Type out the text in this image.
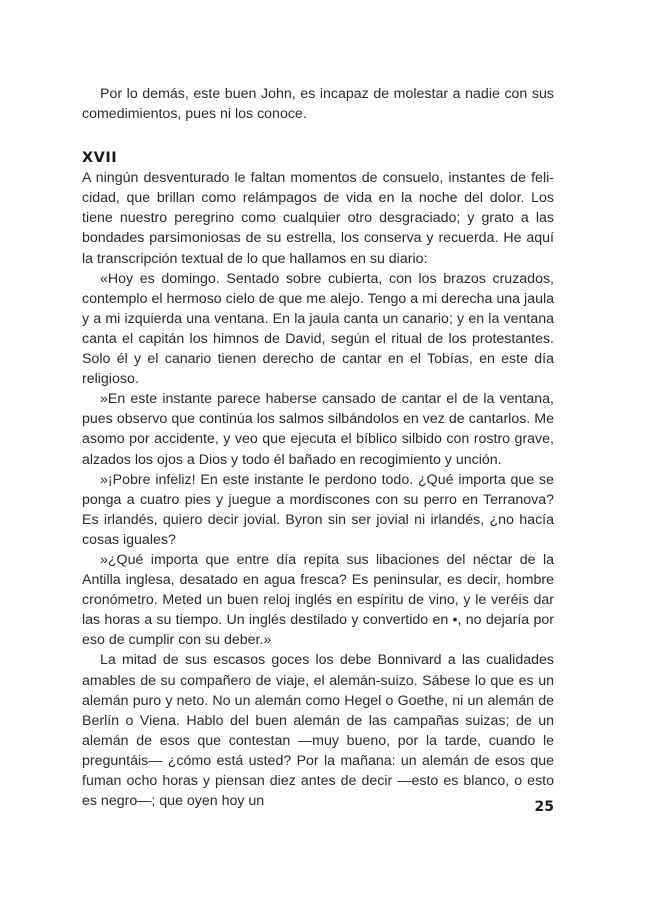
Por lo demás, este buen John, es incapaz de molestar a nadie con sus comedimientos, pues ni los conoce.

XVII

A ningún desventurado le faltan momentos de consuelo, instantes de felicidad, que brillan como relámpagos de vida en la noche del dolor. Los tiene nuestro peregrino como cualquier otro desgraciado; y grato a las bondades parsimoniosas de su estrella, los conserva y recuerda. He aquí la transcripción textual de lo que hallamos en su diario:

«Hoy es domingo. Sentado sobre cubierta, con los brazos cruzados, contemplo el hermoso cielo de que me alejo. Tengo a mi derecha una jaula y a mi izquierda una ventana. En la jaula canta un canario; y en la ventana canta el capitán los himnos de David, según el ritual de los protestantes. Solo él y el canario tienen derecho de cantar en el Tobías, en este día religioso.

»En este instante parece haberse cansado de cantar el de la ventana, pues observo que continúa los salmos silbándolos en vez de cantarlos. Me asomo por accidente, y veo que ejecuta el bíblico silbido con rostro grave, alzados los ojos a Dios y todo él bañado en recogimiento y unción.

»¡Pobre infeliz! En este instante le perdono todo. ¿Qué importa que se ponga a cuatro pies y juegue a mordiscones con su perro en Terranova? Es irlandés, quiero decir jovial. Byron sin ser jovial ni irlandés, ¿no hacía cosas iguales?

»¿Qué importa que entre día repita sus libaciones del néctar de la Antilla inglesa, desatado en agua fresca? Es peninsular, es decir, hombre cronómetro. Meted un buen reloj inglés en espíritu de vino, y le veréis dar las horas a su tiempo. Un inglés destilado y convertido en •, no dejaría por eso de cumplir con su deber.»

La mitad de sus escasos goces los debe Bonnivard a las cualidades amables de su compañero de viaje, el alemán-suizo. Sábese lo que es un alemán puro y neto. No un alemán como Hegel o Goethe, ni un alemán de Berlín o Viena. Hablo del buen alemán de las campañas suizas; de un alemán de esos que contestan —muy bueno, por la tarde, cuando le preguntáis— ¿cómo está usted? Por la mañana: un alemán de esos que fuman ocho horas y piensan diez antes de decir —esto es blanco, o esto es negro—; que oyen hoy un	25
